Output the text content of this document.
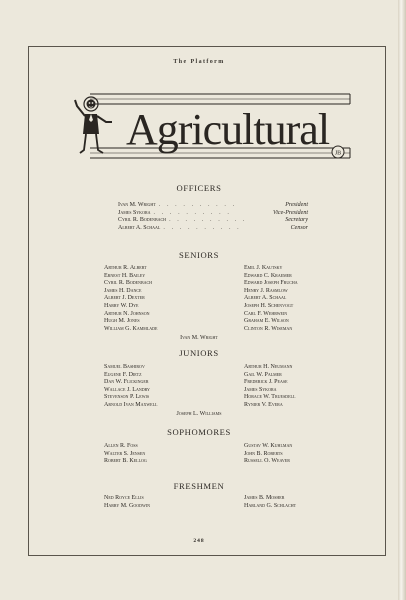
The Platform
Agricultural JB
OFFICERS
Ivan M. Wright . . . . . . . . . .	President
James Sykora . . . . . . . . . .	Vice-President
Cyril R. Bodenbach . . . . . . . . . .	Secretary
Albert A. Schaal . . . . . . . . . .	Censor
SENIORS
Arthur R. Albert
Ernest H. Bailey
Cyril R. Bodenbach
James H. Dance
Albert J. Dexter
Harry W. Dye
Arthur N. Johnson
Hugh M. Jones
William G. Kammlade
Emil J. Kautsky
Edward C. Kraemer
Edward Joseph Frucha
Henry J. Rasmlow
Albert A. Schaal
Joseph H. Schenvogt
Carl F. Wehrwein
Graham E. Wilson
Clinton R. Wiseman
Ivan M. Wright
JUNIORS
Samuel Bashirov
Eugene F. Dietz
Dan W. Flickinger
Wallace J. Landry
Stevenson P. Lewis
Arnold Ivan Maxwell
Arthur H. Neumann
Gail W. Palmer
Frederick J. Pease
James Sykora
Horace W. Truesdell
Rynier V. Evera
Joseph L. Williams
SOPHOMORES
Allen R. Foss
Walter S. Jensen
Robert B. Kellog
Gustav W. Kuhlman
John B. Roberts
Russell O. Weaver
FRESHMEN
Ned Royce Ellis
Harry M. Goodwin
James B. Mosher
Harland G. Schlacht
248
